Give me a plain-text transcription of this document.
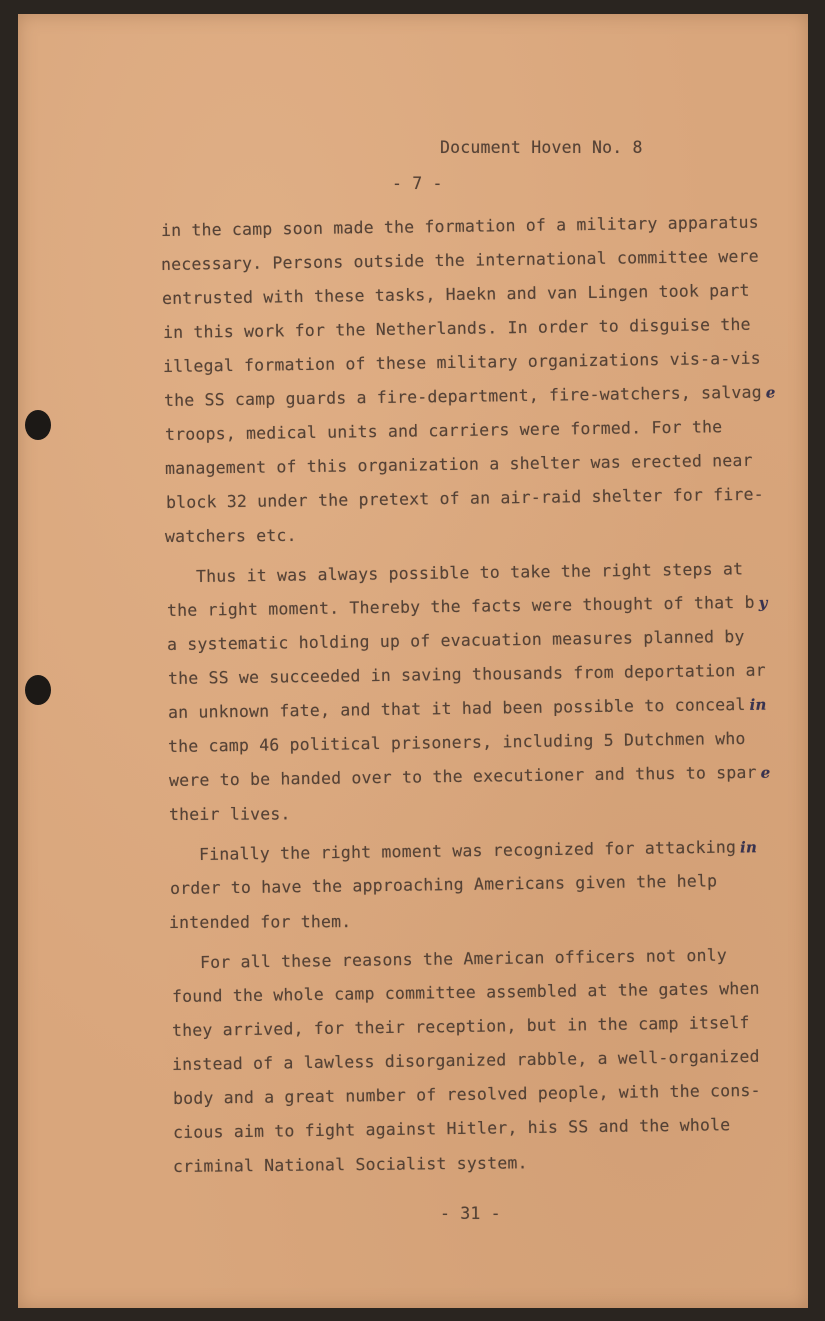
Document Hoven No. 8
- 7 -
in the camp soon made the formation of a military apparatus
necessary. Persons outside the international committee were
entrusted with these tasks, Haekn and van Lingen took part
in this work for the Netherlands. In order to disguise the
illegal formation of these military organizations vis-a-vis
the SS camp guards a fire-department, fire-watchers, salvag e
troops, medical units and carriers were formed. For the
management of this organization a shelter was erected near
block 32 under the pretext of an air-raid shelter for fire-
watchers etc.
Thus it was always possible to take the right steps at
the right moment. Thereby the facts were thought of that b y
a systematic holding up of evacuation measures planned by
the SS we succeeded in saving thousands from deportation ar
an unknown fate, and that it had been possible to conceal in
the camp 46 political prisoners, including 5 Dutchmen who
were to be handed over to the executioner and thus to spar e
their lives.
Finally the right moment was recognized for attacking in
order to have the approaching Americans given the help
intended for them.
For all these reasons the American officers not only
found the whole camp committee assembled at the gates when
they arrived, for their reception, but in the camp itself
instead of a lawless disorganized rabble, a well-organized
body and a great number of resolved people, with the cons-
cious aim to fight against Hitler, his SS and the whole
criminal National Socialist system.
- 31 -
